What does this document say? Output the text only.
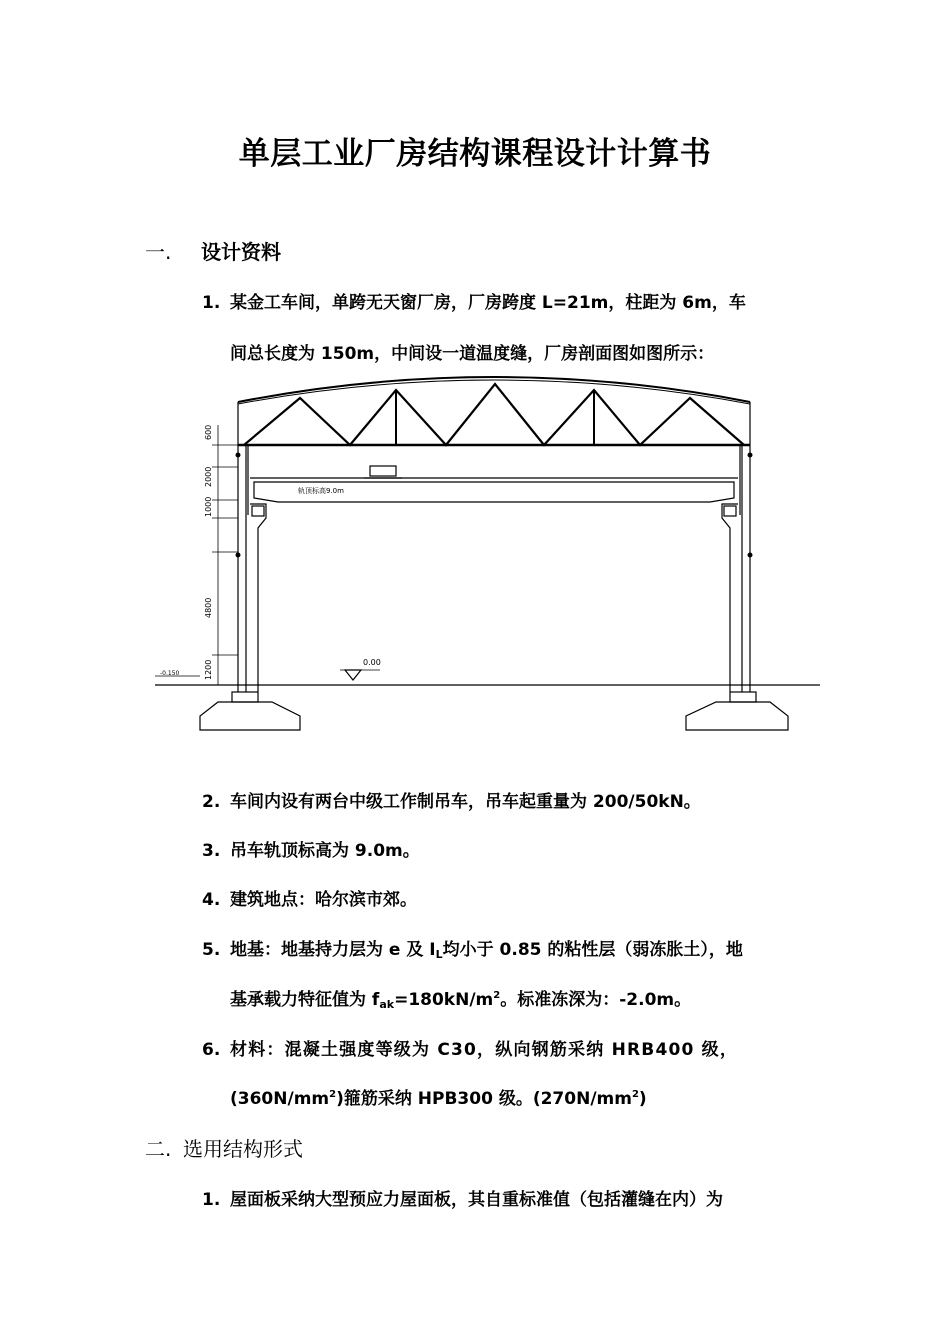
单层工业厂房结构课程设计计算书
一. 设计资料
1. 某金工车间，单跨无天窗厂房，厂房跨度 L=21m，柱距为 6m，车
间总长度为 150m，中间设一道温度缝，厂房剖面图如图所示：
600
2000
1000
4800
1200
轨顶标高9.0m
0.00
-0.150
2. 车间内设有两台中级工作制吊车，吊车起重量为 200/50kN。
3. 吊车轨顶标高为 9.0m。
4. 建筑地点：哈尔滨市郊。
5. 地基：地基持力层为 e 及 $I_L$均小于 0.85 的粘性层（弱冻胀土），地
基承载力特征值为 $f_{ak}=180kN/m^2$。标准冻深为：-2.0m。
6. 材料：混凝土强度等级为 C30，纵向钢筋采纳 HRB400 级，
$(360N/mm^2)$箍筋采纳 HPB300 级。$(270N/mm^2)$
二. 选用结构形式
1. 屋面板采纳大型预应力屋面板，其自重标准值（包括灌缝在内）为
